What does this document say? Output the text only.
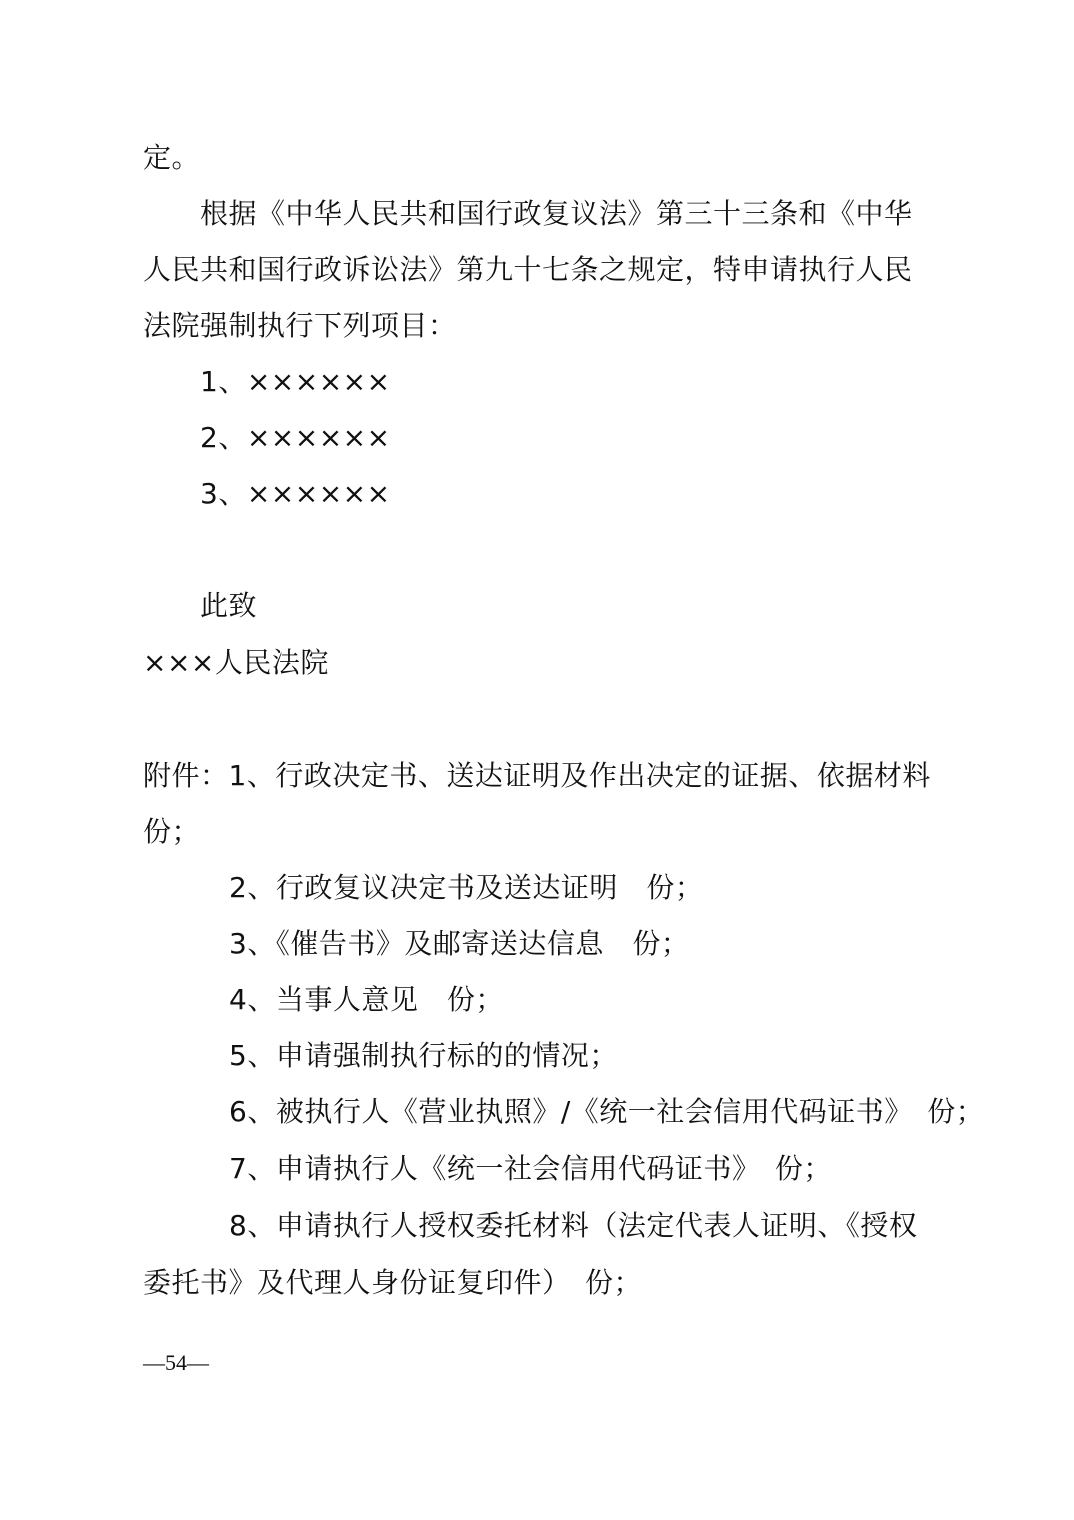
定。
根据《中华人民共和国行政复议法》第三十三条和《中华
人民共和国行政诉讼法》第九十七条之规定，特申请执行人民
法院强制执行下列项目：
1、××××××
2、××××××
3、××××××
此致
×××人民法院
附件：1、行政决定书、送达证明及作出决定的证据、依据材料
份；
2、行政复议决定书及送达证明　份；
3、《催告书》及邮寄送达信息　份；
4、当事人意见　份；
5、申请强制执行标的的情况；
6、被执行人《营业执照》/《统一社会信用代码证书》　份；
7、申请执行人《统一社会信用代码证书》　份；
8、申请执行人授权委托材料（法定代表人证明、《授权
委托书》及代理人身份证复印件）　份；
—54—
